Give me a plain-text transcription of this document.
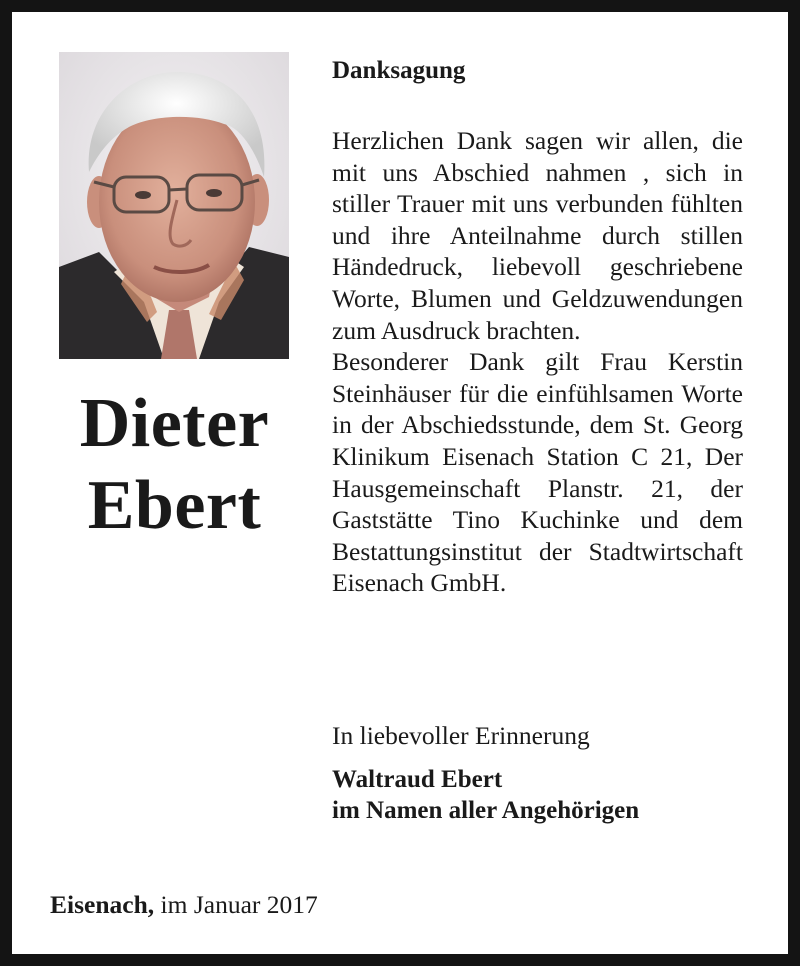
Dieter
Ebert
Danksagung

Herzlichen Dank sagen wir allen, die mit uns Abschied nahmen , sich in stiller Trauer mit uns verbunden fühlten und ihre Anteilnahme durch stillen Händedruck, liebevoll geschriebene Worte, Blumen und Geldzuwendungen zum Ausdruck brachten.

Besonderer Dank gilt Frau Kerstin Steinhäuser für die einfühlsamen Worte in der Abschiedsstunde, dem St. Georg Klinikum Eisenach Station C 21, Der Hausgemeinschaft Planstr. 21, der Gaststätte Tino Kuchinke und dem Bestattungsinstitut der Stadtwirtschaft Eisenach GmbH.

In liebevoller Erinnerung
Waltraud Ebert
im Namen aller Angehörigen
Eisenach, im Januar 2017
